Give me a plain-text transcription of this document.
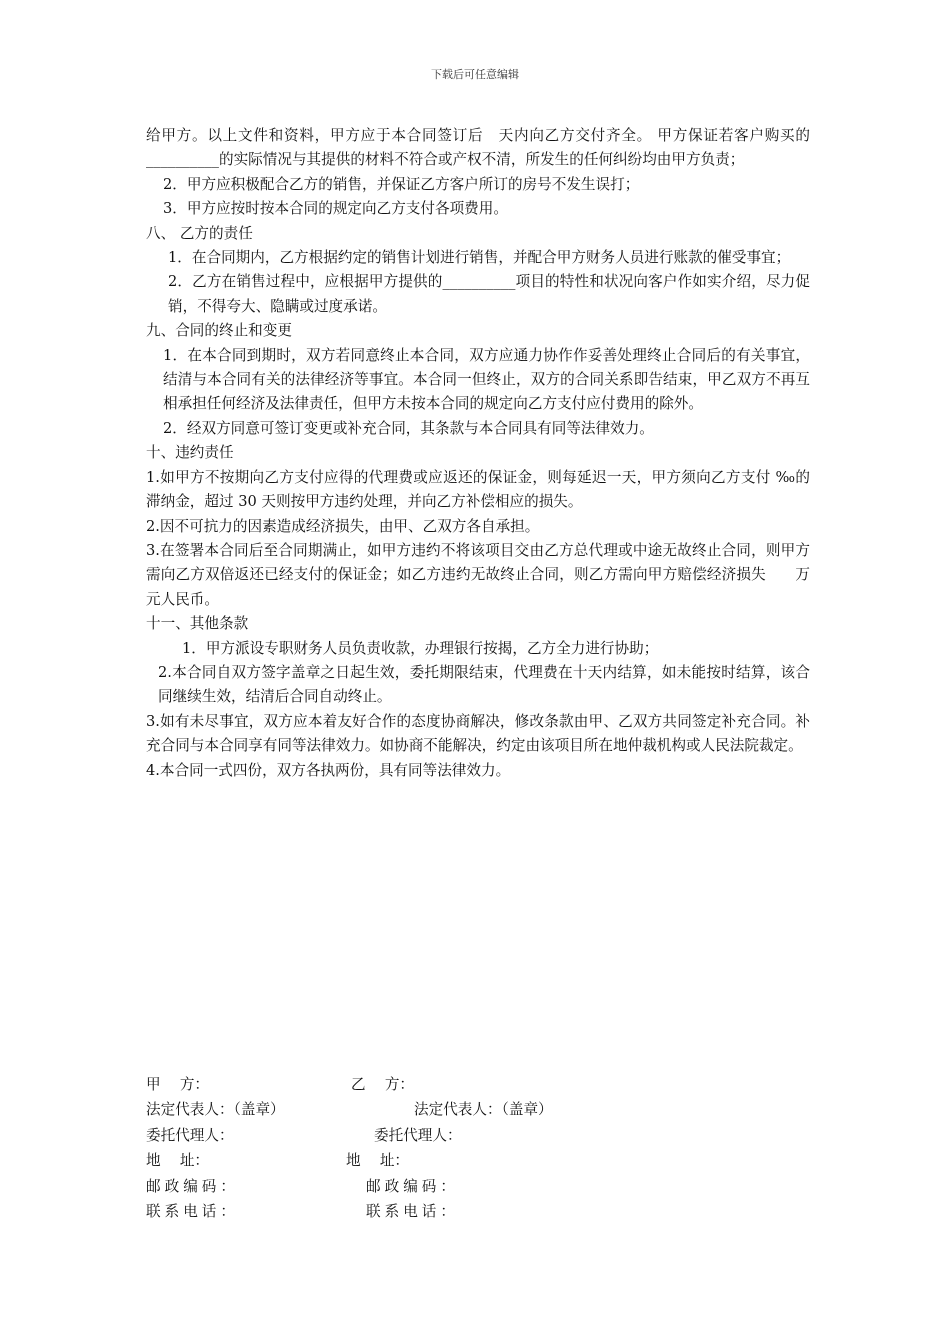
下载后可任意编辑

给甲方。以上文件和资料，甲方应于本合同签订后　天内向乙方交付齐全。 甲方保证若客户购买的__________的实际情况与其提供的材料不符合或产权不清，所发生的任何纠纷均由甲方负责；

2．甲方应积极配合乙方的销售，并保证乙方客户所订的房号不发生误打；

3．甲方应按时按本合同的规定向乙方支付各项费用。

八、 乙方的责任

1．在合同期内，乙方根据约定的销售计划进行销售，并配合甲方财务人员进行账款的催受事宜；

2．乙方在销售过程中，应根据甲方提供的__________项目的特性和状况向客户作如实介绍，尽力促销，不得夸大、隐瞒或过度承诺。

九、合同的终止和变更

1．在本合同到期时，双方若同意终止本合同，双方应通力协作作妥善处理终止合同后的有关事宜，结清与本合同有关的法律经济等事宜。本合同一但终止，双方的合同关系即告结束，甲乙双方不再互相承担任何经济及法律责任，但甲方未按本合同的规定向乙方支付应付费用的除外。

2．经双方同意可签订变更或补充合同，其条款与本合同具有同等法律效力。

十、违约责任

1.如甲方不按期向乙方支付应得的代理费或应返还的保证金，则每延迟一天，甲方须向乙方支付 ‰的滞纳金，超过 30 天则按甲方违约处理，并向乙方补偿相应的损失。

2.因不可抗力的因素造成经济损失，由甲、乙双方各自承担。

3.在签署本合同后至合同期满止，如甲方违约不将该项目交由乙方总代理或中途无故终止合同，则甲方需向乙方双倍返还已经支付的保证金；如乙方违约无故终止合同，则乙方需向甲方赔偿经济损失　　万元人民币。

十一、其他条款

1．甲方派设专职财务人员负责收款，办理银行按揭，乙方全力进行协助；

2.本合同自双方签字盖章之日起生效，委托期限结束，代理费在十天内结算，如未能按时结算，该合同继续生效，结清后合同自动终止。

3.如有未尽事宜，双方应本着友好合作的态度协商解决，修改条款由甲、乙双方共同签定补充合同。补充合同与本合同享有同等法律效力。如协商不能解决，约定由该项目所在地仲裁机构或人民法院裁定。

4.本合同一式四份，双方各执两份，具有同等法律效力。

甲　 方：	乙　 方：
法定代表人：（盖章）	法定代表人：（盖章）
委托代理人：	委托代理人：
地　 址：	地　 址：
邮政编码：	邮政编码：
联系电话：	联系电话：
